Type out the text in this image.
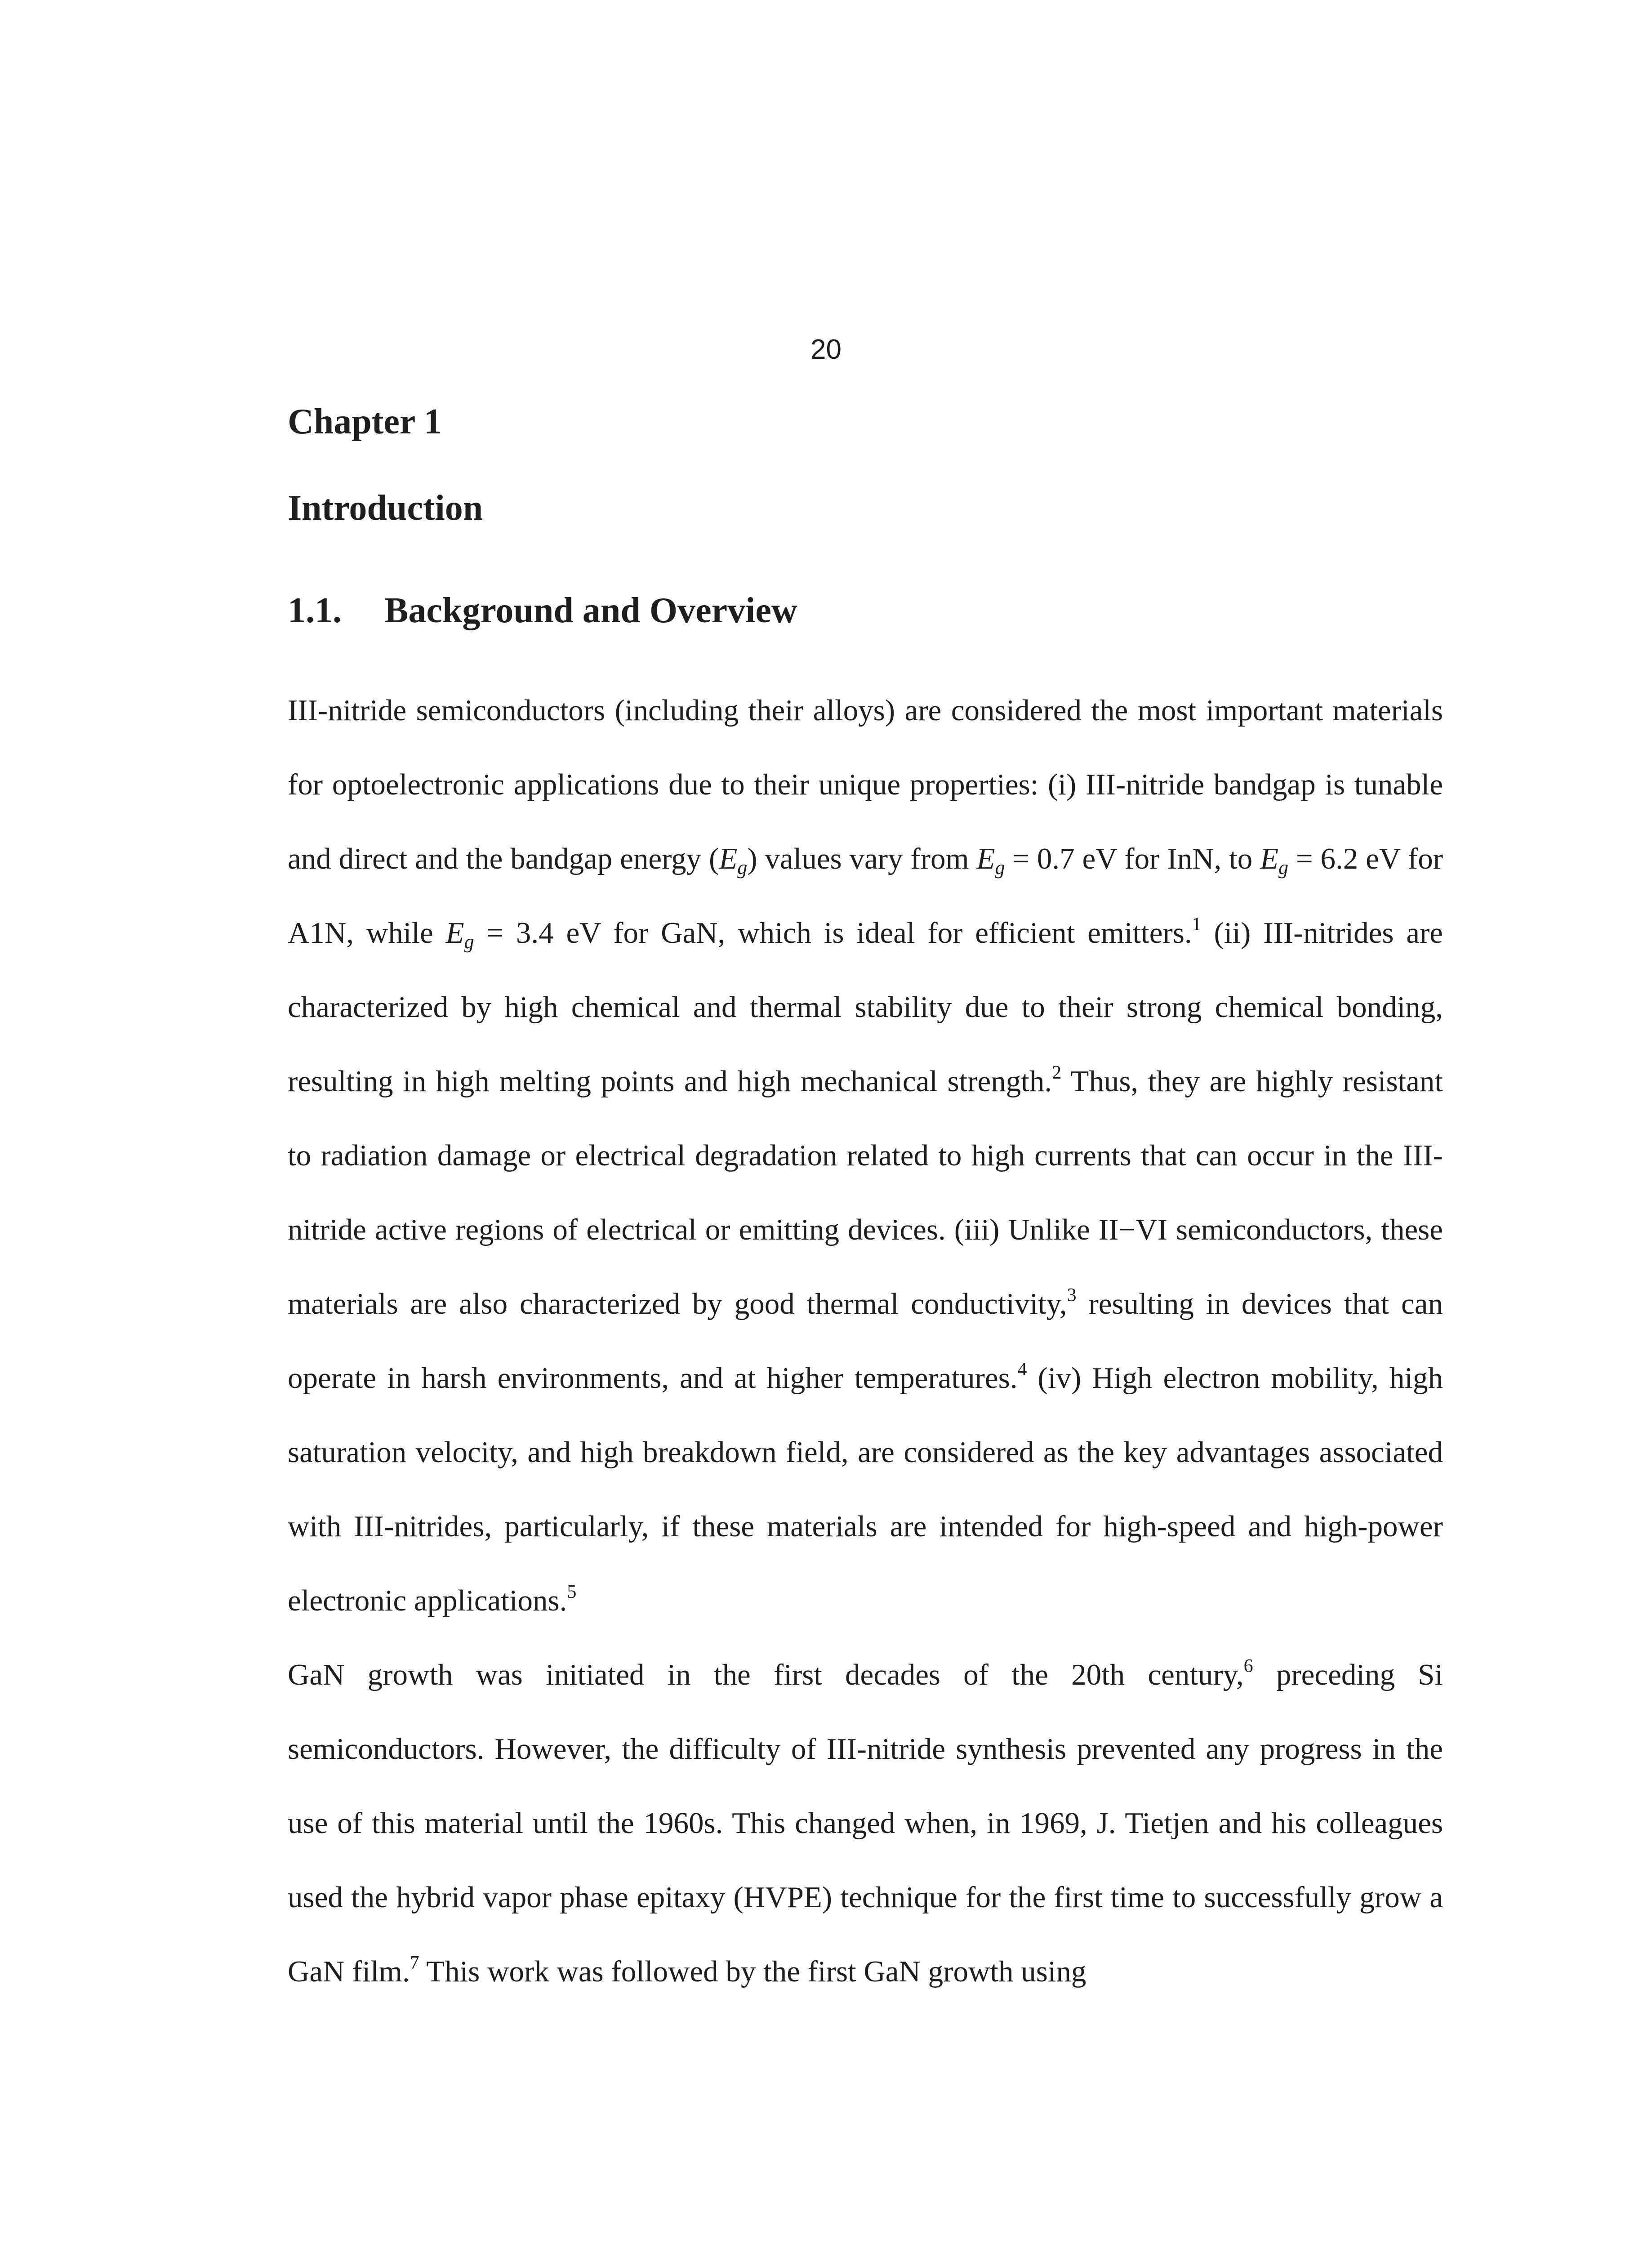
20
Chapter 1
Introduction
1.1. Background and Overview

III-nitride semiconductors (including their alloys) are considered the most important materials for optoelectronic applications due to their unique properties: (i) III-nitride bandgap is tunable and direct and the bandgap energy $(E_g)$ values vary from $E_g = 0.7$ eV for InN, to $E_g = 6.2$ eV for A1N, while $E_g = 3.4$ eV for GaN, which is ideal for efficient emitters.$^1$ (ii) III-nitrides are characterized by high chemical and thermal stability due to their strong chemical bonding, resulting in high melting points and high mechanical strength.$^2$ Thus, they are highly resistant to radiation damage or electrical degradation related to high currents that can occur in the III-nitride active regions of electrical or emitting devices. (iii) Unlike II−VI semiconductors, these materials are also characterized by good thermal conductivity,$^3$ resulting in devices that can operate in harsh environments, and at higher temperatures.$^4$ (iv) High electron mobility, high saturation velocity, and high breakdown field, are considered as the key advantages associated with III-nitrides, particularly, if these materials are intended for high-speed and high-power electronic applications.$^5$

GaN growth was initiated in the first decades of the 20th century,$^6$ preceding Si semiconductors. However, the difficulty of III-nitride synthesis prevented any progress in the use of this material until the 1960s. This changed when, in 1969, J. Tietjen and his colleagues used the hybrid vapor phase epitaxy (HVPE) technique for the first time to successfully grow a GaN film.$^7$ This work was followed by the first GaN growth using
